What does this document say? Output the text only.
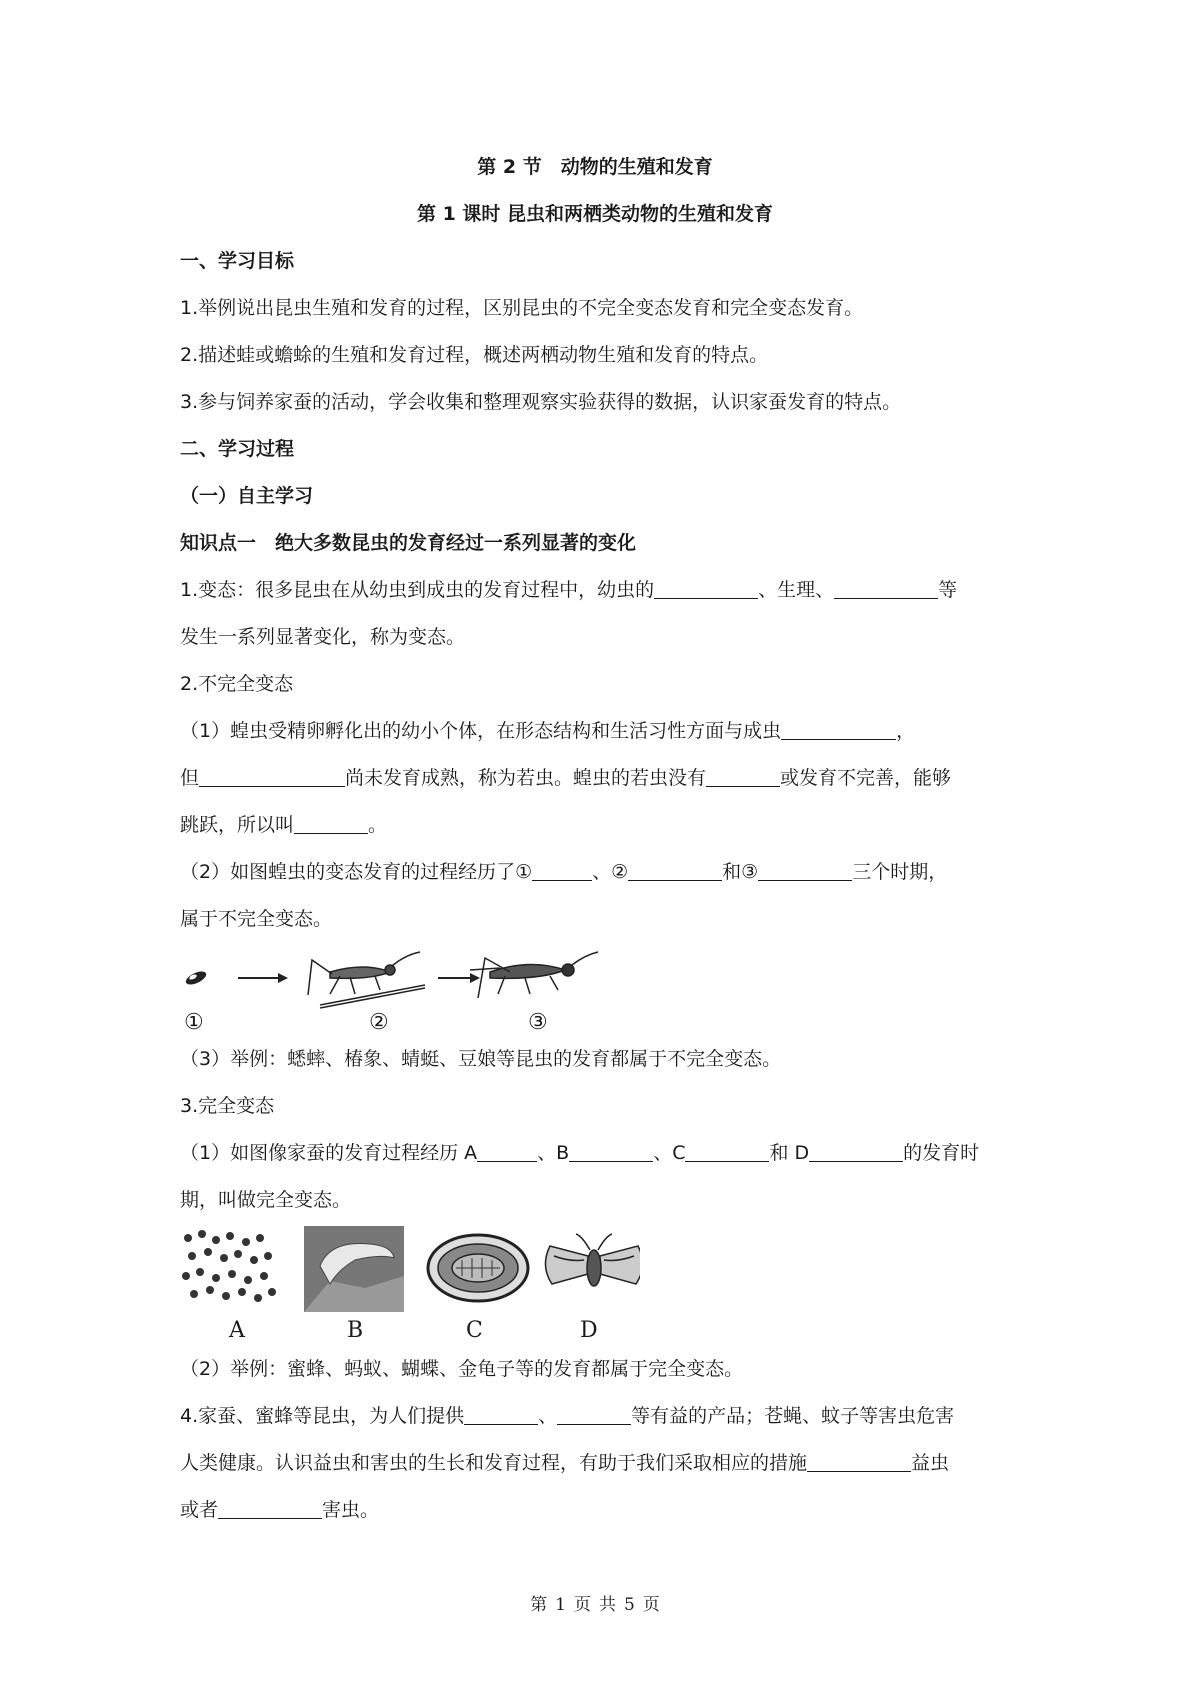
第 2 节　动物的生殖和发育
第 1 课时 昆虫和两栖类动物的生殖和发育
一、学习目标
1.举例说出昆虫生殖和发育的过程，区别昆虫的不完全变态发育和完全变态发育。
2.描述蛙或蟾蜍的生殖和发育过程，概述两栖动物生殖和发育的特点。
3.参与饲养家蚕的活动，学会收集和整理观察实验获得的数据，认识家蚕发育的特点。
二、学习过程
（一）自主学习
知识点一　绝大多数昆虫的发育经过一系列显著的变化
1.变态：很多昆虫在从幼虫到成虫的发育过程中，幼虫的	、生理、	等
发生一系列显著变化，称为变态。
2.不完全变态
（1）蝗虫受精卵孵化出的幼小个体，在形态结构和生活习性方面与成虫	，
但	尚未发育成熟，称为若虫。蝗虫的若虫没有	或发育不完善，能够
跳跃，所以叫	。
（2）如图蝗虫的变态发育的过程经历了①	、②	和③	三个时期，
属于不完全变态。
①	②	③
（3）举例：蟋蟀、椿象、蜻蜓、豆娘等昆虫的发育都属于不完全变态。
3.完全变态
（1）如图像家蚕的发育过程经历 A	、B	、C	和 D	的发育时
期，叫做完全变态。
A	B	C	D
（2）举例：蜜蜂、蚂蚁、蝴蝶、金龟子等的发育都属于完全变态。
4.家蚕、蜜蜂等昆虫，为人们提供	、	等有益的产品；苍蝇、蚊子等害虫危害
人类健康。认识益虫和害虫的生长和发育过程，有助于我们采取相应的措施	益虫
或者	害虫。
第 1 页 共 5 页
